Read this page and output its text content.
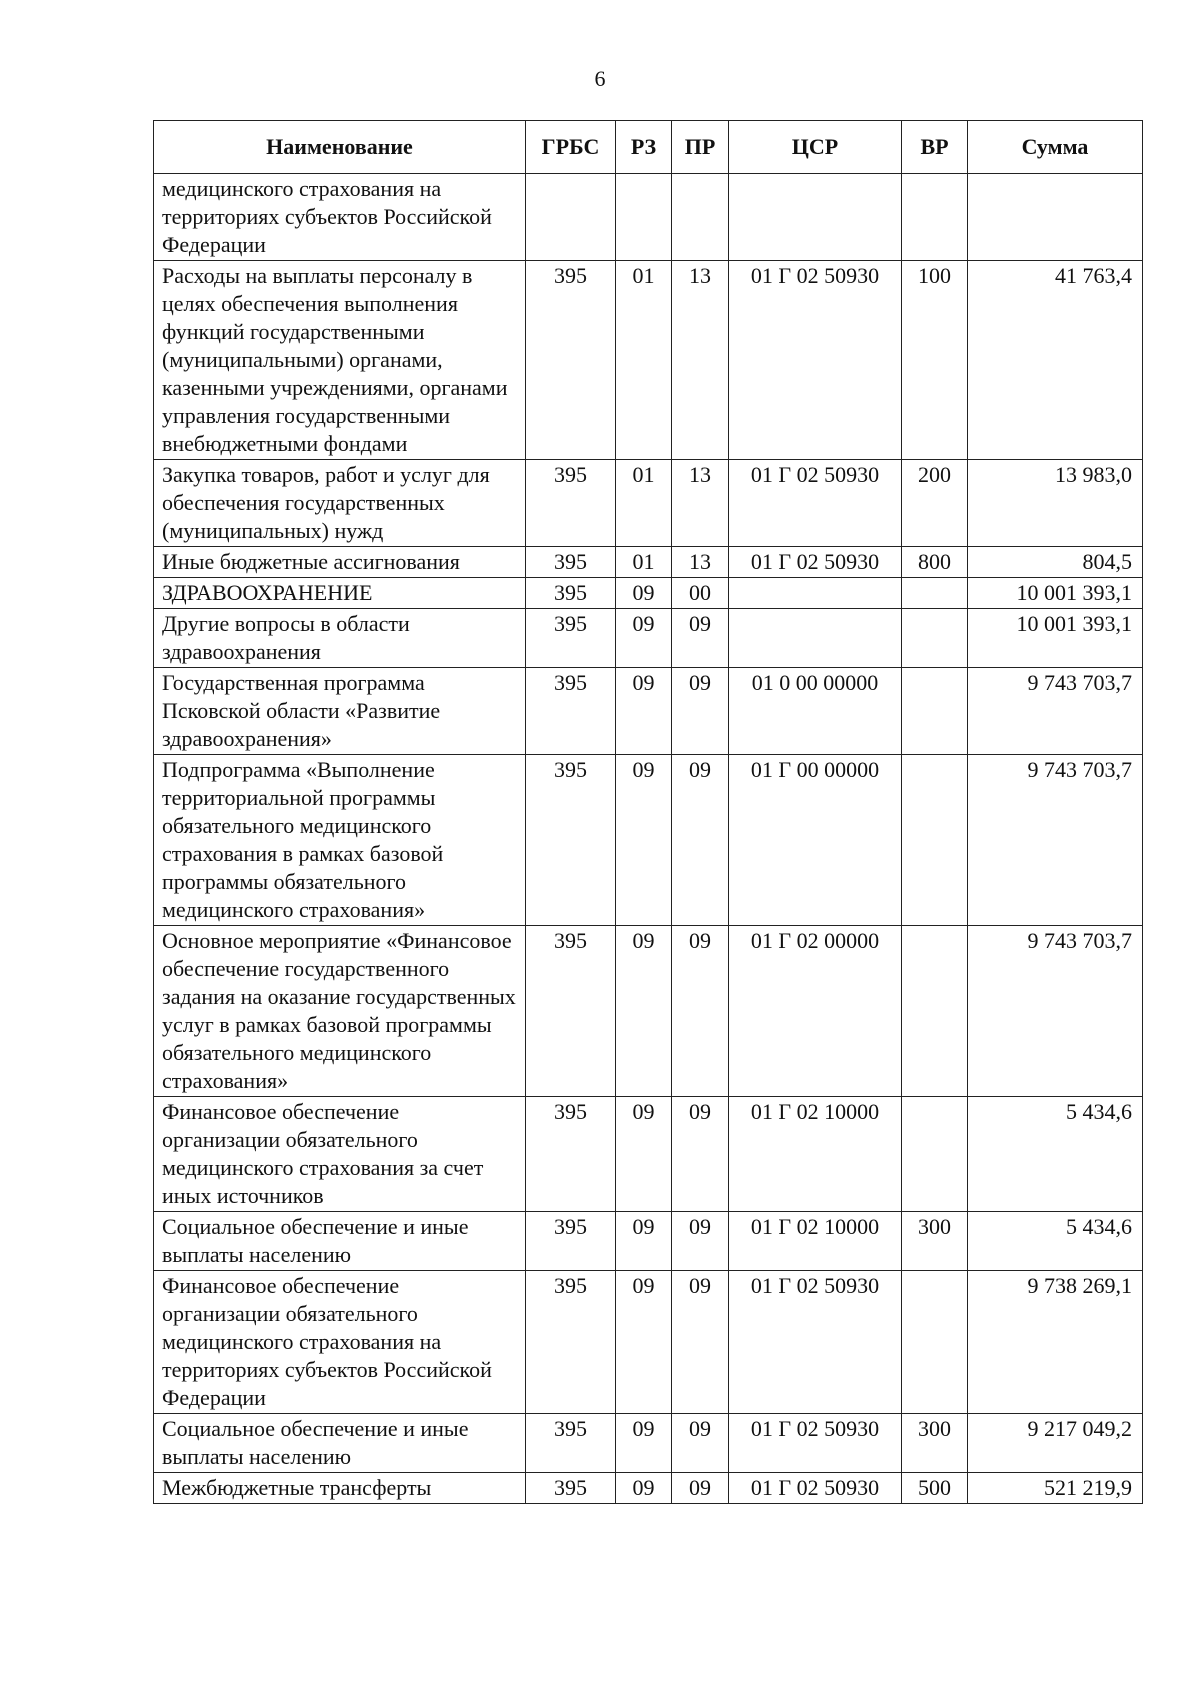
6
Наименование	ГРБС	РЗ	ПР	ЦСР	ВР	Сумма
медицинского страхования на территориях субъектов Российской Федерации						
Расходы на выплаты персоналу в целях обеспечения выполнения функций государственными (муниципальными) органами, казенными учреждениями, органами управления государственными внебюджетными фондами	395	01	13	01 Г 02 50930	100	41 763,4
Закупка товаров, работ и услуг для обеспечения государственных (муниципальных) нужд	395	01	13	01 Г 02 50930	200	13 983,0
Иные бюджетные ассигнования	395	01	13	01 Г 02 50930	800	804,5
ЗДРАВООХРАНЕНИЕ	395	09	00			10 001 393,1
Другие вопросы в области здравоохранения	395	09	09			10 001 393,1
Государственная программа Псковской области «Развитие здравоохранения»	395	09	09	01 0 00 00000		9 743 703,7
Подпрограмма «Выполнение территориальной программы обязательного медицинского страхования в рамках базовой программы обязательного медицинского страхования»	395	09	09	01 Г 00 00000		9 743 703,7
Основное мероприятие «Финансовое обеспечение государственного задания на оказание государственных услуг в рамках базовой программы обязательного медицинского страхования»	395	09	09	01 Г 02 00000		9 743 703,7
Финансовое обеспечение организации обязательного медицинского страхования за счет иных источников	395	09	09	01 Г 02 10000		5 434,6
Социальное обеспечение и иные выплаты населению	395	09	09	01 Г 02 10000	300	5 434,6
Финансовое обеспечение организации обязательного медицинского страхования на территориях субъектов Российской Федерации	395	09	09	01 Г 02 50930		9 738 269,1
Социальное обеспечение и иные выплаты населению	395	09	09	01 Г 02 50930	300	9 217 049,2
Межбюджетные трансферты	395	09	09	01 Г 02 50930	500	521 219,9
